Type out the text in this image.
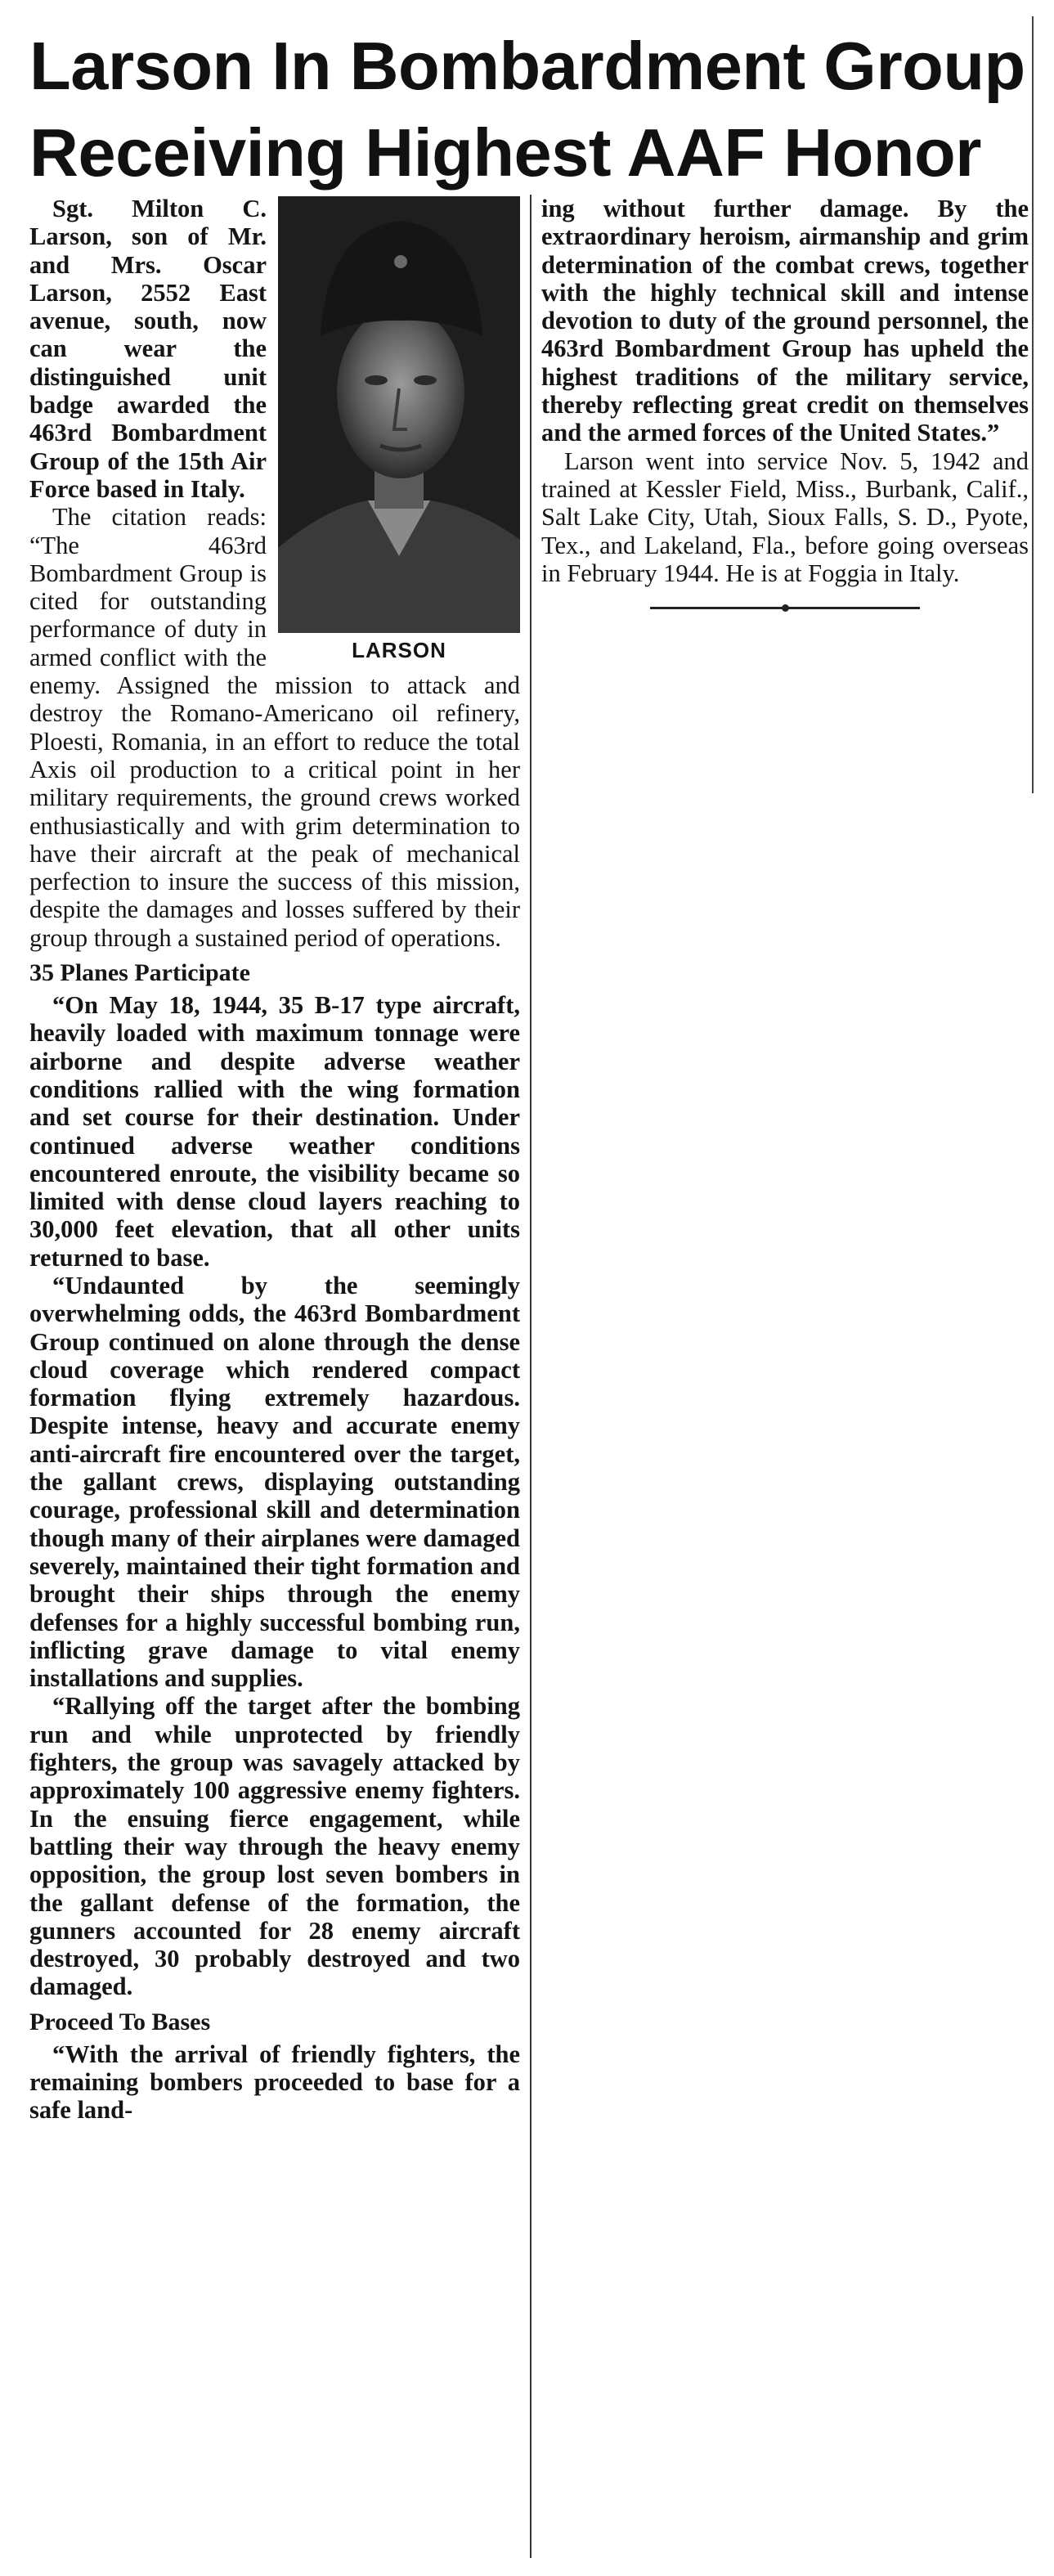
Larson In Bombardment Group
Receiving Highest AAF Honor
LARSON

Sgt. Milton C. Larson, son of Mr. and Mrs. Oscar Larson, 2552 East avenue, south, now can wear the distinguished unit badge awarded the 463rd Bombardment Group of the 15th Air Force based in Italy.

The citation reads: “The 463rd Bombardment Group is cited for outstanding performance of duty in armed conflict with the enemy. Assigned the mission to attack and destroy the Romano-Americano oil refinery, Ploesti, Romania, in an effort to reduce the total Axis oil production to a critical point in her military requirements, the ground crews worked enthusiastically and with grim determination to have their aircraft at the peak of mechanical perfection to insure the success of this mission, despite the damages and losses suffered by their group through a sustained period of operations.

35 Planes Participate

“On May 18, 1944, 35 B-17 type aircraft, heavily loaded with maximum tonnage were airborne and despite adverse weather conditions rallied with the wing formation and set course for their destination. Under continued adverse weather conditions encountered enroute, the visibility became so limited with dense cloud layers reaching to 30,000 feet elevation, that all other units returned to base.

“Undaunted by the seemingly overwhelming odds, the 463rd Bombardment Group continued on alone through the dense cloud coverage which rendered compact formation flying extremely hazardous. Despite intense, heavy and accurate enemy anti-aircraft fire encountered over the target, the gallant crews, displaying outstanding courage, professional skill and determination though many of their airplanes were damaged severely, maintained their tight formation and brought their ships through the enemy defenses for a highly successful bombing run, inflicting grave damage to vital enemy installations and supplies.

“Rallying off the target after the bombing run and while unprotected by friendly fighters, the group was savagely attacked by approximately 100 aggressive enemy fighters. In the ensuing fierce engagement, while battling their way through the heavy enemy opposition, the group lost seven bombers in the gallant defense of the formation, the gunners accounted for 28 enemy aircraft destroyed, 30 probably destroyed and two damaged.

Proceed To Bases

“With the arrival of friendly fighters, the remaining bombers proceeded to base for a safe land-

ing without further damage. By the extraordinary heroism, airmanship and grim determination of the combat crews, together with the highly technical skill and intense devotion to duty of the ground personnel, the 463rd Bombardment Group has upheld the highest traditions of the military service, thereby reflecting great credit on themselves and the armed forces of the United States.”

Larson went into service Nov. 5, 1942 and trained at Kessler Field, Miss., Burbank, Calif., Salt Lake City, Utah, Sioux Falls, S. D., Pyote, Tex., and Lakeland, Fla., before going overseas in February 1944. He is at Foggia in Italy.
